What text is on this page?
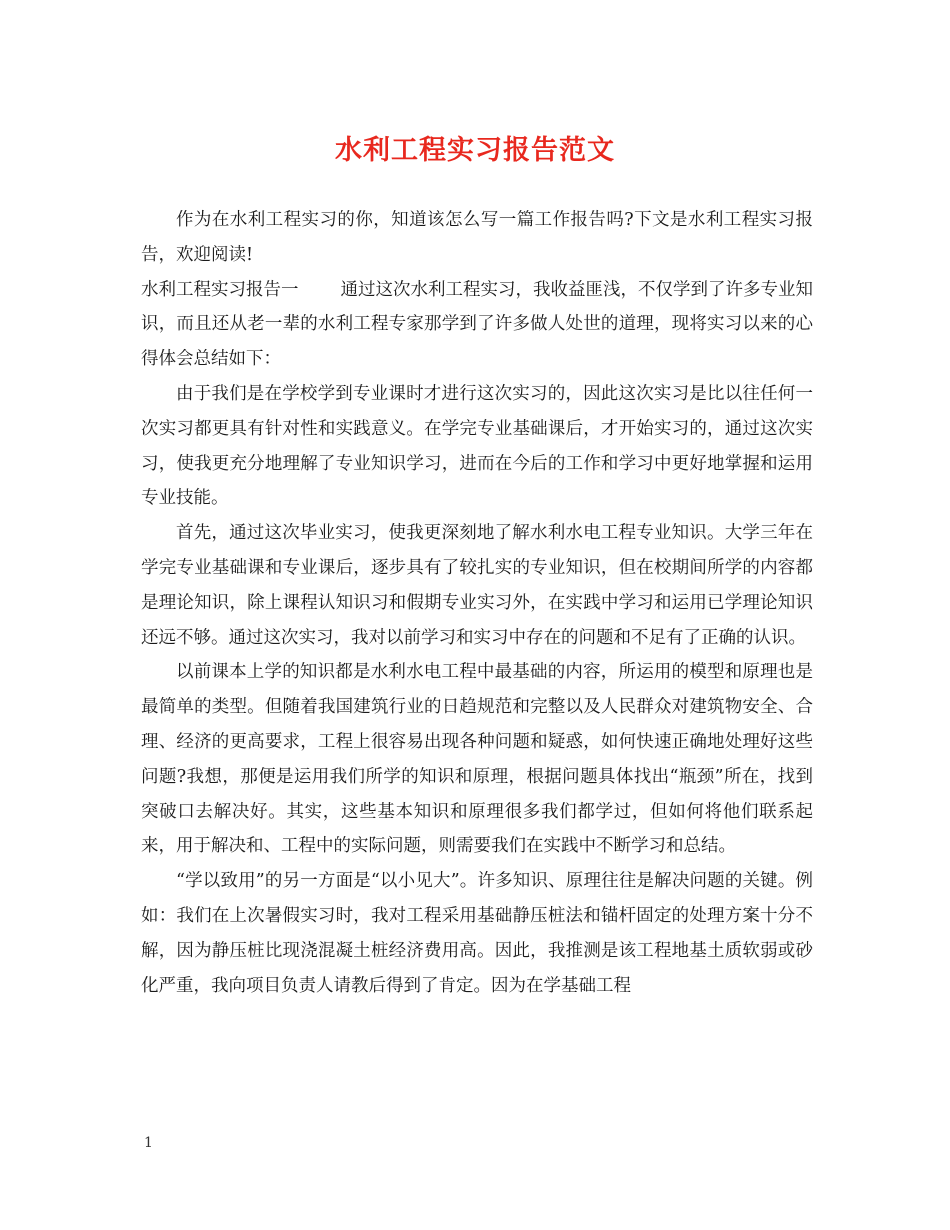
水利工程实习报告范文

作为在水利工程实习的你，知道该怎么写一篇工作报告吗?下文是水利工程实习报告，欢迎阅读!

水利工程实习报告一 通过这次水利工程实习，我收益匪浅，不仅学到了许多专业知识，而且还从老一辈的水利工程专家那学到了许多做人处世的道理，现将实习以来的心得体会总结如下：

由于我们是在学校学到专业课时才进行这次实习的，因此这次实习是比以往任何一次实习都更具有针对性和实践意义。在学完专业基础课后，才开始实习的，通过这次实习，使我更充分地理解了专业知识学习，进而在今后的工作和学习中更好地掌握和运用专业技能。

首先，通过这次毕业实习，使我更深刻地了解水利水电工程专业知识。大学三年在学完专业基础课和专业课后，逐步具有了较扎实的专业知识，但在校期间所学的内容都是理论知识，除上课程认知识习和假期专业实习外，在实践中学习和运用已学理论知识还远不够。通过这次实习，我对以前学习和实习中存在的问题和不足有了正确的认识。

以前课本上学的知识都是水利水电工程中最基础的内容，所运用的模型和原理也是最简单的类型。但随着我国建筑行业的日趋规范和完整以及人民群众对建筑物安全、合理、经济的更高要求，工程上很容易出现各种问题和疑惑，如何快速正确地处理好这些问题?我想，那便是运用我们所学的知识和原理，根据问题具体找出“瓶颈”所在，找到突破口去解决好。其实，这些基本知识和原理很多我们都学过，但如何将他们联系起来，用于解决和、工程中的实际问题，则需要我们在实践中不断学习和总结。

“学以致用”的另一方面是“以小见大”。许多知识、原理往往是解决问题的关键。例如：我们在上次暑假实习时，我对工程采用基础静压桩法和锚杆固定的处理方案十分不解，因为静压桩比现浇混凝土桩经济费用高。因此，我推测是该工程地基土质软弱或砂化严重，我向项目负责人请教后得到了肯定。因为在学基础工程

1
